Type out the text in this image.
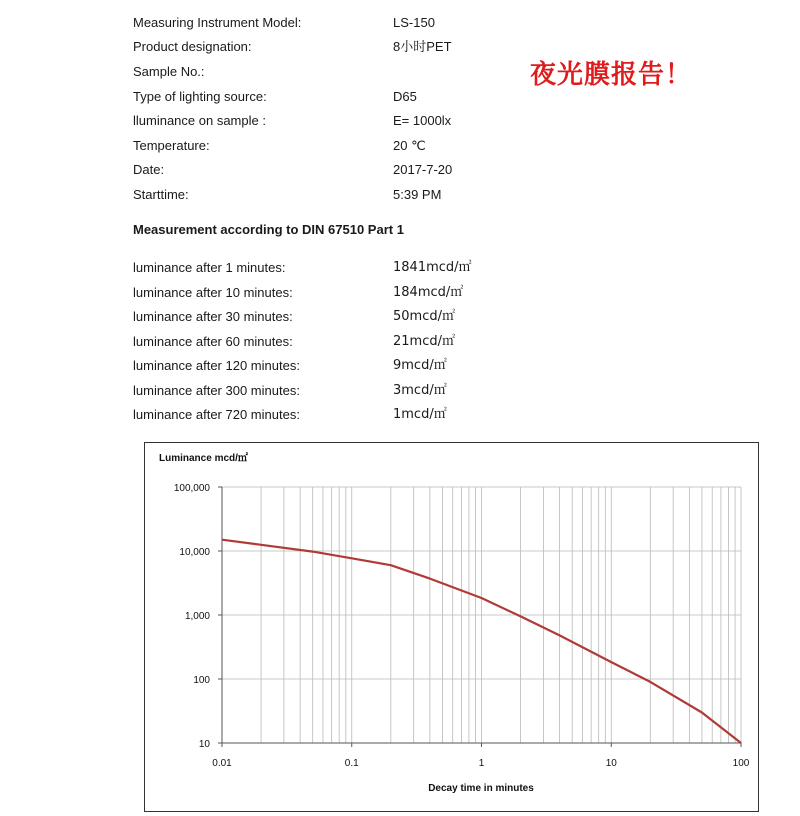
Measuring Instrument Model:	LS-150
Product designation:	8小时PET
Sample No.:
Type of lighting source:	D65
lluminance on sample :	E= 1000lx
Temperature:	20 ℃
Date:	2017-7-20
Starttime:	5:39 PM
夜光膜报告！
Measurement according to DIN 67510 Part 1
luminance after 1 minutes:	1841mcd/㎡
luminance after 10 minutes:	184mcd/㎡
luminance after 30 minutes:	50mcd/㎡
luminance after 60 minutes:	21mcd/㎡
luminance after 120 minutes:	9mcd/㎡
luminance after 300 minutes:	3mcd/㎡
luminance after 720 minutes:	1mcd/㎡
10
100
1,000
10,000
100,000
0.01	0.1	1	10	100
Luminance mcd/㎡
Decay time in minutes
